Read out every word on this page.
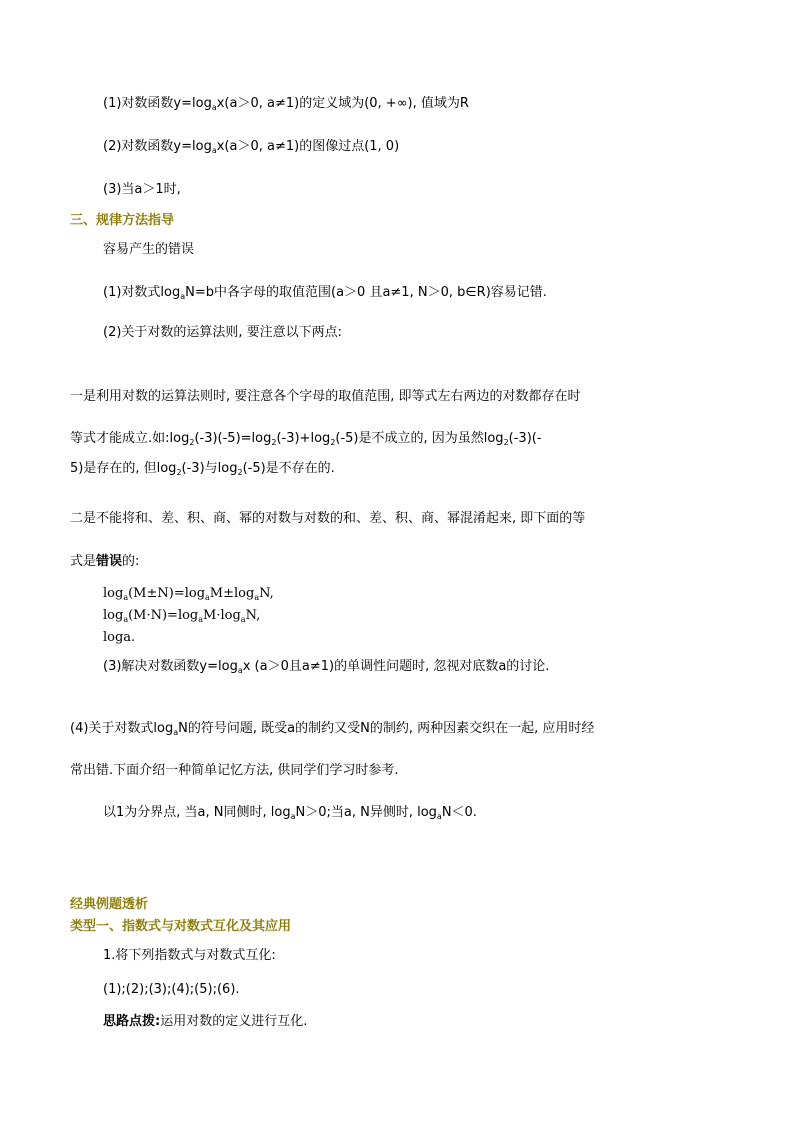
(1)对数函数$y=\log_ax(a>0$, a≠1)的定义域为(0, +∞), 值域为R
(2)对数函数$y=\log_ax(a>0$, a≠1)的图像过点(1, 0)
(3)当a＞1时,
三、规律方法指导
容易产生的错误
(1)对数式$\log_aN=b$中各字母的取值范围(a＞0 且a≠1, N＞0, b∈R)容易记错.
(2)关于对数的运算法则, 要注意以下两点:
一是利用对数的运算法则时, 要注意各个字母的取值范围, 即等式左右两边的对数都存在时
等式才能成立.如$:\log_2(-3)(-5)=\log_2(-3)+\log_2(-5)$是不成立的, 因为虽然$\log_2(-3)(-$
5)是存在的, 但$\log_2(-3)$与$\log_2(-5)$是不存在的.
二是不能将和、差、积、商、幂的对数与对数的和、差、积、商、幂混淆起来, 即下面的等
式是错误的:
$\log_a(M\pm N)=\log_aM\pm\log_aN$,
$\log_a(M\cdot N)=\log_aM\cdot\log_aN$,
loga.
(3)解决对数函数$y=\log_ax$ (a＞0且a≠1)的单调性问题时, 忽视对底数a的讨论.
(4)关于对数式$\log_aN$的符号问题, 既受a的制约又受N的制约, 两种因素交织在一起, 应用时经
常出错.下面介绍一种简单记忆方法, 供同学们学习时参考.
以1为分界点, 当a, N同侧时, $\log_aN>0$;当a, N异侧时, $\log_aN<0$.
经典例题透析
类型一、指数式与对数式互化及其应用
1.将下列指数式与对数式互化:
(1);(2);(3);(4);(5);(6).
思路点拨:运用对数的定义进行互化.
